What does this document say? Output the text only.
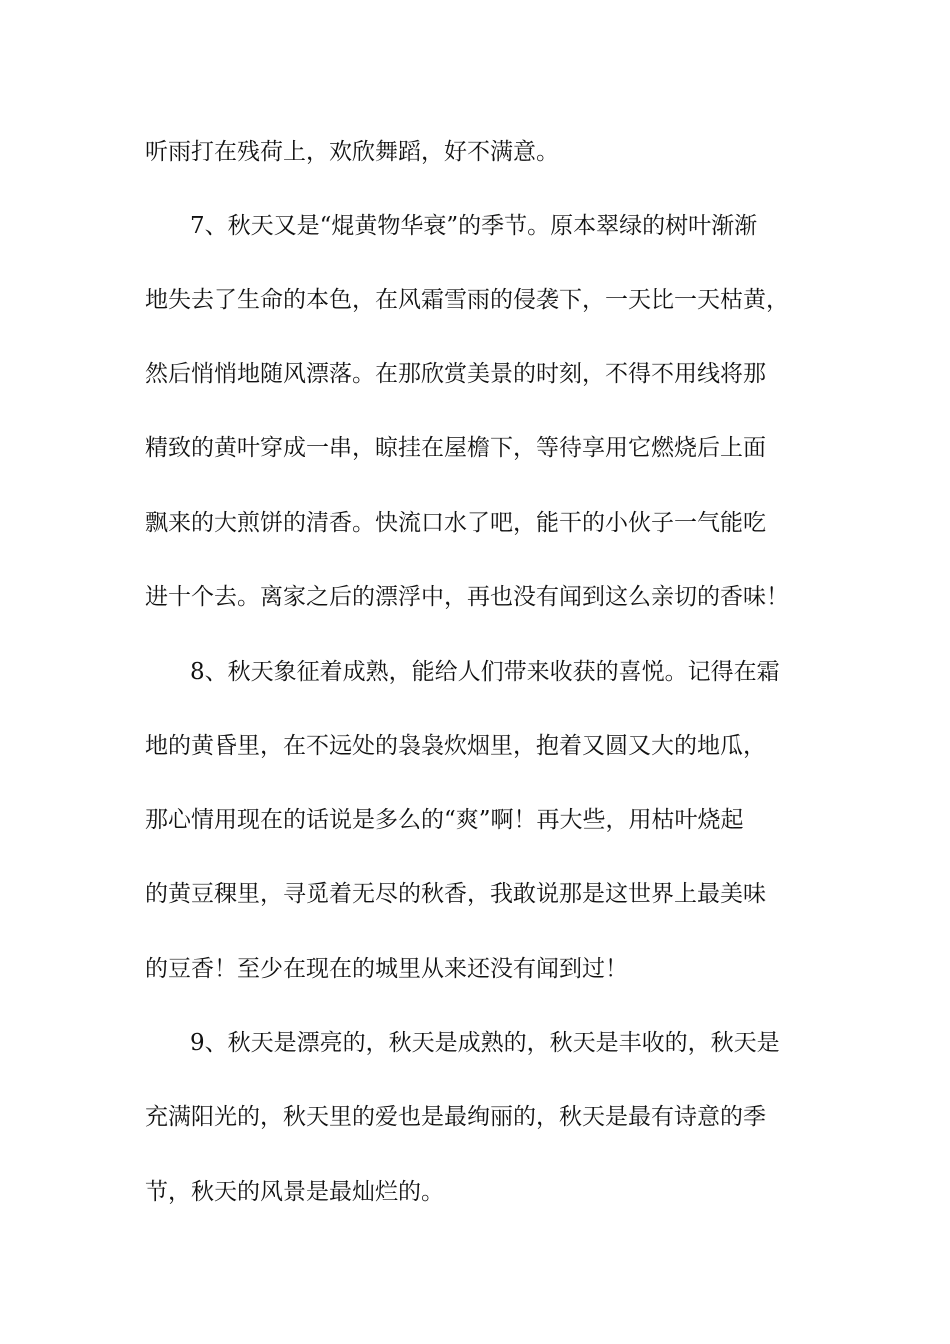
听雨打在残荷上，欢欣舞蹈，好不满意。
7、秋天又是“焜黄物华衰”的季节。原本翠绿的树叶渐渐
地失去了生命的本色，在风霜雪雨的侵袭下，一天比一天枯黄，
然后悄悄地随风漂落。在那欣赏美景的时刻，不得不用线将那
精致的黄叶穿成一串，晾挂在屋檐下，等待享用它燃烧后上面
飘来的大煎饼的清香。快流口水了吧，能干的小伙子一气能吃
进十个去。离家之后的漂浮中，再也没有闻到这么亲切的香味！
8、秋天象征着成熟，能给人们带来收获的喜悦。记得在霜
地的黄昏里，在不远处的袅袅炊烟里，抱着又圆又大的地瓜，
那心情用现在的话说是多么的“爽”啊！再大些，用枯叶烧起
的黄豆稞里，寻觅着无尽的秋香，我敢说那是这世界上最美味
的豆香！至少在现在的城里从来还没有闻到过！
9、秋天是漂亮的，秋天是成熟的，秋天是丰收的，秋天是
充满阳光的，秋天里的爱也是最绚丽的，秋天是最有诗意的季
节，秋天的风景是最灿烂的。
